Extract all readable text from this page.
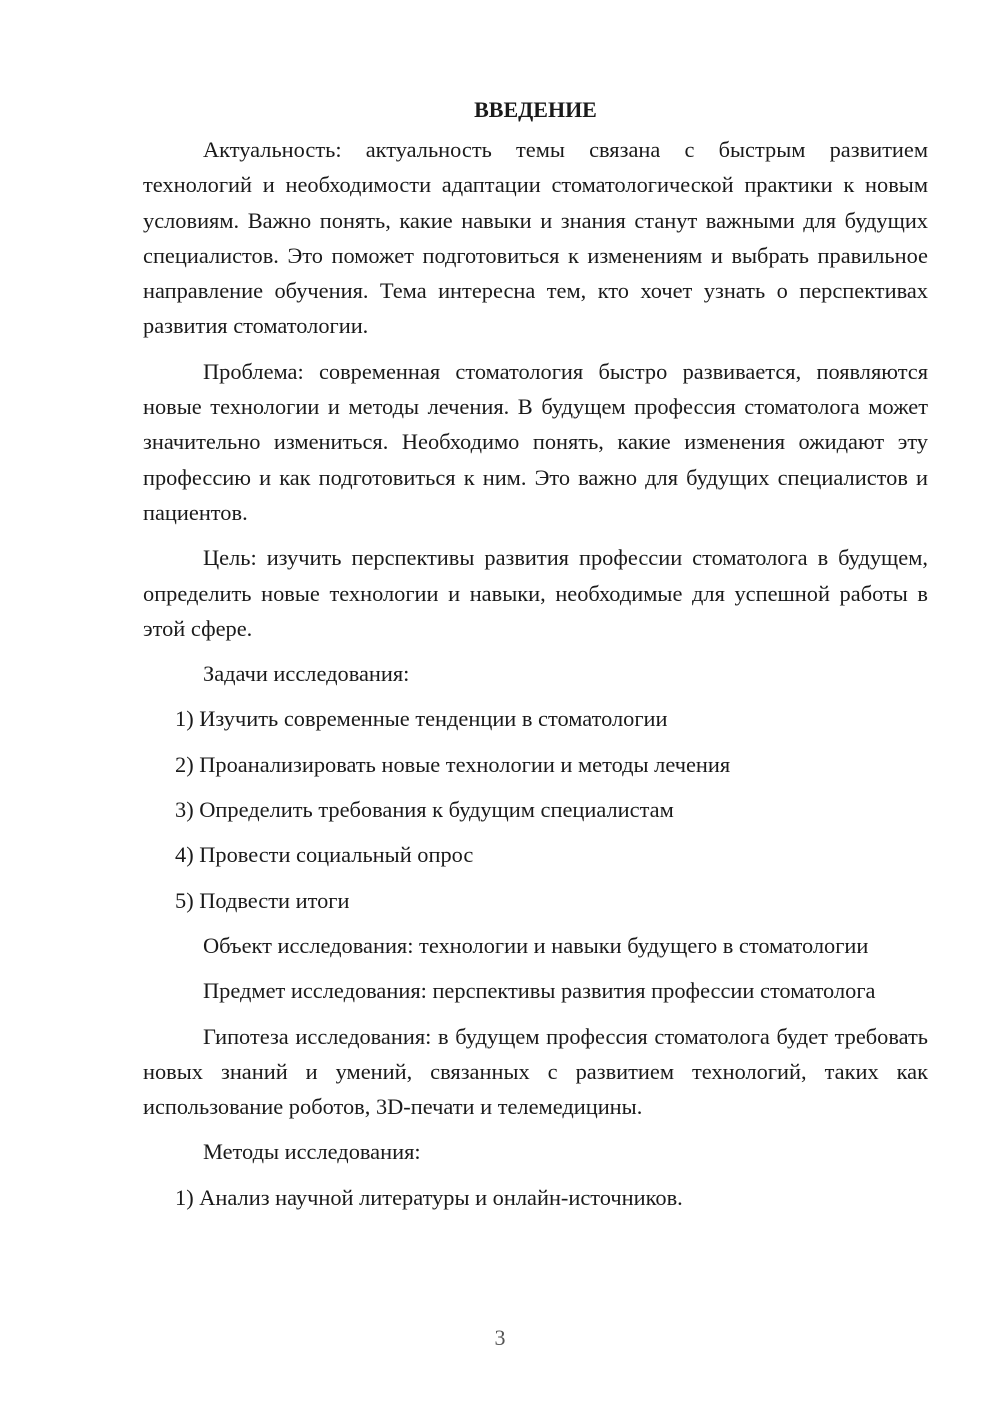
ВВЕДЕНИЕ

Актуальность: актуальность темы связана с быстрым развитием технологий и необходимости адаптации стоматологической практики к новым условиям. Важно понять, какие навыки и знания станут важными для будущих специалистов. Это поможет подготовиться к изменениям и выбрать правильное направление обучения. Тема интересна тем, кто хочет узнать о перспективах развития стоматологии.

Проблема: современная стоматология быстро развивается, появляются новые технологии и методы лечения. В будущем профессия стоматолога может значительно измениться. Необходимо понять, какие изменения ожидают эту профессию и как подготовиться к ним. Это важно для будущих специалистов и пациентов.

Цель: изучить перспективы развития профессии стоматолога в будущем, определить новые технологии и навыки, необходимые для успешной работы в этой сфере.

Задачи исследования:

1) Изучить современные тенденции в стоматологии

2) Проанализировать новые технологии и методы лечения

3) Определить требования к будущим специалистам

4) Провести социальный опрос

5) Подвести итоги

Объект исследования: технологии и навыки будущего в стоматологии

Предмет исследования: перспективы развития профессии стоматолога

Гипотеза исследования: в будущем профессия стоматолога будет требовать новых знаний и умений, связанных с развитием технологий, таких как использование роботов, 3D-печати и телемедицины.

Методы исследования:

1) Анализ научной литературы и онлайн-источников.

3
